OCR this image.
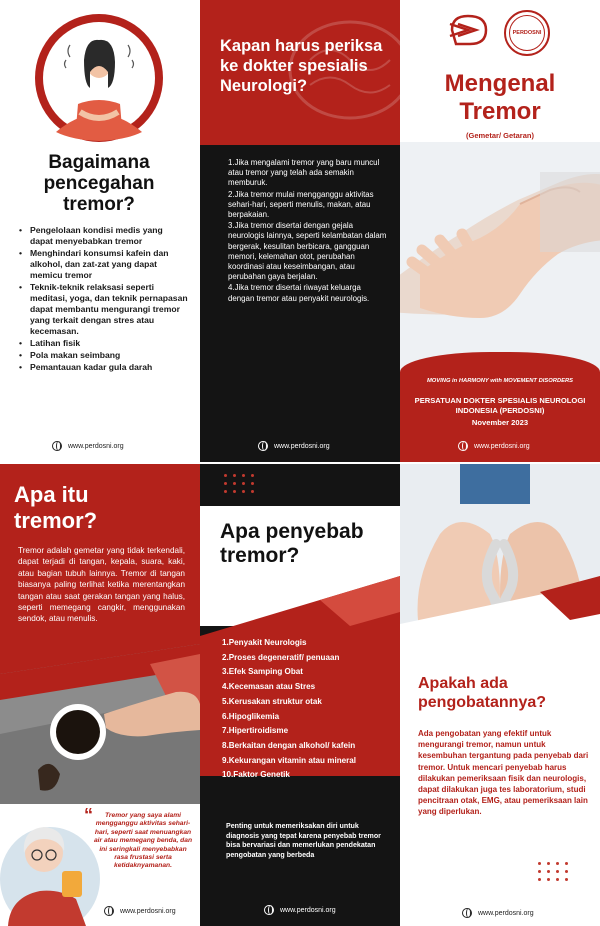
Bagaimana pencegahan tremor?
• Pengelolaan kondisi medis yang dapat menyebabkan tremor
• Menghindari konsumsi kafein dan alkohol, dan zat-zat yang dapat memicu tremor
• Teknik-teknik relaksasi seperti meditasi, yoga, dan teknik pernapasan dapat membantu mengurangi tremor yang terkait dengan stres atau kecemasan.
• Latihan fisik
• Pola makan seimbang
• Pemantauan kadar gula darah
www.perdosni.org
Kapan harus periksa ke dokter spesialis Neurologi?

1.Jika mengalami tremor yang baru muncul atau tremor yang telah ada semakin memburuk.

2.Jika tremor mulai mengganggu aktivitas sehari-hari, seperti menulis, makan, atau berpakaian.

3.Jika tremor disertai dengan gejala neurologis lainnya, seperti kelambatan dalam bergerak, kesulitan berbicara, gangguan memori, kelemahan otot, perubahan koordinasi atau keseimbangan, atau perubahan gaya berjalan.

4.Jika tremor disertai riwayat keluarga dengan tremor atau penyakit neurologis.

www.perdosni.org
PERDOSNI
Mengenal Tremor
(Gemetar/ Getaran)
MOVING in HARMONY with MOVEMENT DISORDERS
PERSATUAN DOKTER SPESIALIS NEUROLOGI INDONESIA (PERDOSNI)
November 2023
www.perdosni.org
Apa itu tremor?
Tremor adalah gemetar yang tidak terkendali, dapat terjadi di tangan, kepala, suara, kaki, atau bagian tubuh lainnya. Tremor di tangan biasanya paling terlihat ketika merentangkan tangan atau saat gerakan tangan yang halus, seperti memegang cangkir, menggunakan sendok, atau menulis.
“	Tremor yang saya alami mengganggu aktivitas sehari-hari, seperti saat menuangkan air atau memegang benda, dan ini seringkali menyebabkan rasa frustasi serta ketidaknyamanan.
www.perdosni.org
Apa penyebab tremor?
1.Penyakit Neurologis
2.Proses degeneratif/ penuaan
3.Efek Samping Obat
4.Kecemasan atau Stres
5.Kerusakan struktur otak
6.Hipoglikemia
7.Hipertiroidisme
8.Berkaitan dengan alkohol/ kafein
9.Kekurangan vitamin atau mineral
10.Faktor Genetik
Penting untuk memeriksakan diri untuk diagnosis yang tepat karena penyebab tremor bisa bervariasi dan memerlukan pendekatan pengobatan yang berbeda
www.perdosni.org
Apakah ada pengobatannya?
Ada pengobatan yang efektif untuk mengurangi tremor, namun untuk kesembuhan tergantung pada penyebab dari tremor. Untuk mencari penyebab harus dilakukan pemeriksaan fisik dan neurologis, dapat dilakukan juga tes laboratorium, studi pencitraan otak, EMG, atau pemeriksaan lain yang diperlukan.
www.perdosni.org
